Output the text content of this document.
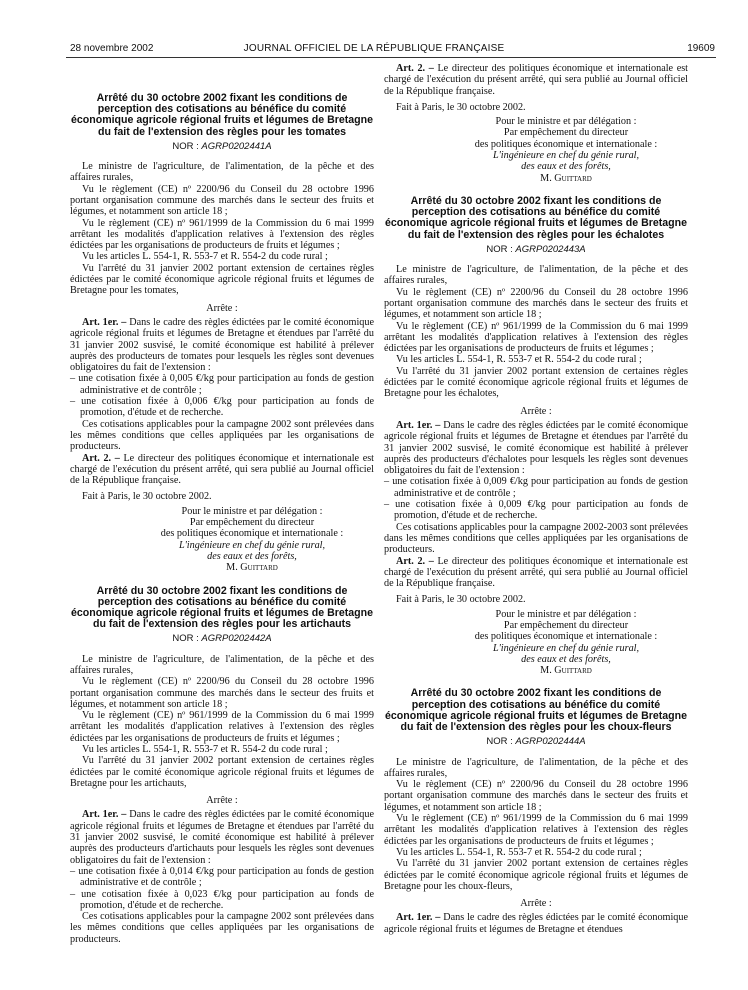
28 novembre 2002	JOURNAL OFFICIEL DE LA RÉPUBLIQUE FRANÇAISE	19609
Arrêté du 30 octobre 2002 fixant les conditions de perception des cotisations au bénéfice du comité économique agricole régional fruits et légumes de Bretagne du fait de l'extension des règles pour les tomates
NOR : AGRP0202441A

Le ministre de l'agriculture, de l'alimentation, de la pêche et des affaires rurales,

Vu le règlement (CE) nº 2200/96 du Conseil du 28 octobre 1996 portant organisation commune des marchés dans le secteur des fruits et légumes, et notamment son article 18 ;

Vu le règlement (CE) nº 961/1999 de la Commission du 6 mai 1999 arrêtant les modalités d'application relatives à l'extension des règles édictées par les organisations de producteurs de fruits et légumes ;

Vu les articles L. 554-1, R. 553-7 et R. 554-2 du code rural ;

Vu l'arrêté du 31 janvier 2002 portant extension de certaines règles édictées par le comité économique agricole régional fruits et légumes de Bretagne pour les tomates,

Arrête :

Art. 1er. – Dans le cadre des règles édictées par le comité économique agricole régional fruits et légumes de Bretagne et étendues par l'arrêté du 31 janvier 2002 susvisé, le comité économique est habilité à prélever auprès des producteurs de tomates pour lesquels les règles sont devenues obligatoires du fait de l'extension :

– une cotisation fixée à 0,005 €/kg pour participation au fonds de gestion administrative et de contrôle ;
– une cotisation fixée à 0,006 €/kg pour participation au fonds de promotion, d'étude et de recherche.

Ces cotisations applicables pour la campagne 2002 sont prélevées dans les mêmes conditions que celles appliquées par les organisations de producteurs.

Art. 2. – Le directeur des politiques économique et internationale est chargé de l'exécution du présent arrêté, qui sera publié au Journal officiel de la République française.

Fait à Paris, le 30 octobre 2002.

Pour le ministre et par délégation :
Par empêchement du directeur
des politiques économique et internationale :
L'ingénieure en chef du génie rural,
des eaux et des forêts,
M. Guittard
Arrêté du 30 octobre 2002 fixant les conditions de perception des cotisations au bénéfice du comité économique agricole régional fruits et légumes de Bretagne du fait de l'extension des règles pour les artichauts
NOR : AGRP0202442A

Le ministre de l'agriculture, de l'alimentation, de la pêche et des affaires rurales,

Vu le règlement (CE) nº 2200/96 du Conseil du 28 octobre 1996 portant organisation commune des marchés dans le secteur des fruits et légumes, et notamment son article 18 ;

Vu le règlement (CE) nº 961/1999 de la Commission du 6 mai 1999 arrêtant les modalités d'application relatives à l'extension des règles édictées par les organisations de producteurs de fruits et légumes ;

Vu les articles L. 554-1, R. 553-7 et R. 554-2 du code rural ;

Vu l'arrêté du 31 janvier 2002 portant extension de certaines règles édictées par le comité économique agricole régional fruits et légumes de Bretagne pour les artichauts,

Arrête :

Art. 1er. – Dans le cadre des règles édictées par le comité économique agricole régional fruits et légumes de Bretagne et étendues par l'arrêté du 31 janvier 2002 susvisé, le comité économique est habilité à prélever auprès des producteurs d'artichauts pour lesquels les règles sont devenues obligatoires du fait de l'extension :

– une cotisation fixée à 0,014 €/kg pour participation au fonds de gestion administrative et de contrôle ;
– une cotisation fixée à 0,023 €/kg pour participation au fonds de promotion, d'étude et de recherche.

Ces cotisations applicables pour la campagne 2002 sont prélevées dans les mêmes conditions que celles appliquées par les organisations de producteurs.

Art. 2. – Le directeur des politiques économique et internationale est chargé de l'exécution du présent arrêté, qui sera publié au Journal officiel de la République française.

Fait à Paris, le 30 octobre 2002.

Pour le ministre et par délégation :
Par empêchement du directeur
des politiques économique et internationale :
L'ingénieure en chef du génie rural,
des eaux et des forêts,
M. Guittard
Arrêté du 30 octobre 2002 fixant les conditions de perception des cotisations au bénéfice du comité économique agricole régional fruits et légumes de Bretagne du fait de l'extension des règles pour les échalotes
NOR : AGRP0202443A

Le ministre de l'agriculture, de l'alimentation, de la pêche et des affaires rurales,

Vu le règlement (CE) nº 2200/96 du Conseil du 28 octobre 1996 portant organisation commune des marchés dans le secteur des fruits et légumes, et notamment son article 18 ;

Vu le règlement (CE) nº 961/1999 de la Commission du 6 mai 1999 arrêtant les modalités d'application relatives à l'extension des règles édictées par les organisations de producteurs de fruits et légumes ;

Vu les articles L. 554-1, R. 553-7 et R. 554-2 du code rural ;

Vu l'arrêté du 31 janvier 2002 portant extension de certaines règles édictées par le comité économique agricole régional fruits et légumes de Bretagne pour les échalotes,

Arrête :

Art. 1er. – Dans le cadre des règles édictées par le comité économique agricole régional fruits et légumes de Bretagne et étendues par l'arrêté du 31 janvier 2002 susvisé, le comité économique est habilité à prélever auprès des producteurs d'échalotes pour lesquels les règles sont devenues obligatoires du fait de l'extension :

– une cotisation fixée à 0,009 €/kg pour participation au fonds de gestion administrative et de contrôle ;
– une cotisation fixée à 0,009 €/kg pour participation au fonds de promotion, d'étude et de recherche.

Ces cotisations applicables pour la campagne 2002-2003 sont prélevées dans les mêmes conditions que celles appliquées par les organisations de producteurs.

Art. 2. – Le directeur des politiques économique et internationale est chargé de l'exécution du présent arrêté, qui sera publié au Journal officiel de la République française.

Fait à Paris, le 30 octobre 2002.

Pour le ministre et par délégation :
Par empêchement du directeur
des politiques économique et internationale :
L'ingénieure en chef du génie rural,
des eaux et des forêts,
M. Guittard
Arrêté du 30 octobre 2002 fixant les conditions de perception des cotisations au bénéfice du comité économique agricole régional fruits et légumes de Bretagne du fait de l'extension des règles pour les choux-fleurs
NOR : AGRP0202444A

Le ministre de l'agriculture, de l'alimentation, de la pêche et des affaires rurales,

Vu le règlement (CE) nº 2200/96 du Conseil du 28 octobre 1996 portant organisation commune des marchés dans le secteur des fruits et légumes, et notamment son article 18 ;

Vu le règlement (CE) nº 961/1999 de la Commission du 6 mai 1999 arrêtant les modalités d'application relatives à l'extension des règles édictées par les organisations de producteurs de fruits et légumes ;

Vu les articles L. 554-1, R. 553-7 et R. 554-2 du code rural ;

Vu l'arrêté du 31 janvier 2002 portant extension de certaines règles édictées par le comité économique agricole régional fruits et légumes de Bretagne pour les choux-fleurs,

Arrête :

Art. 1er. – Dans le cadre des règles édictées par le comité économique agricole régional fruits et légumes de Bretagne et étendues
